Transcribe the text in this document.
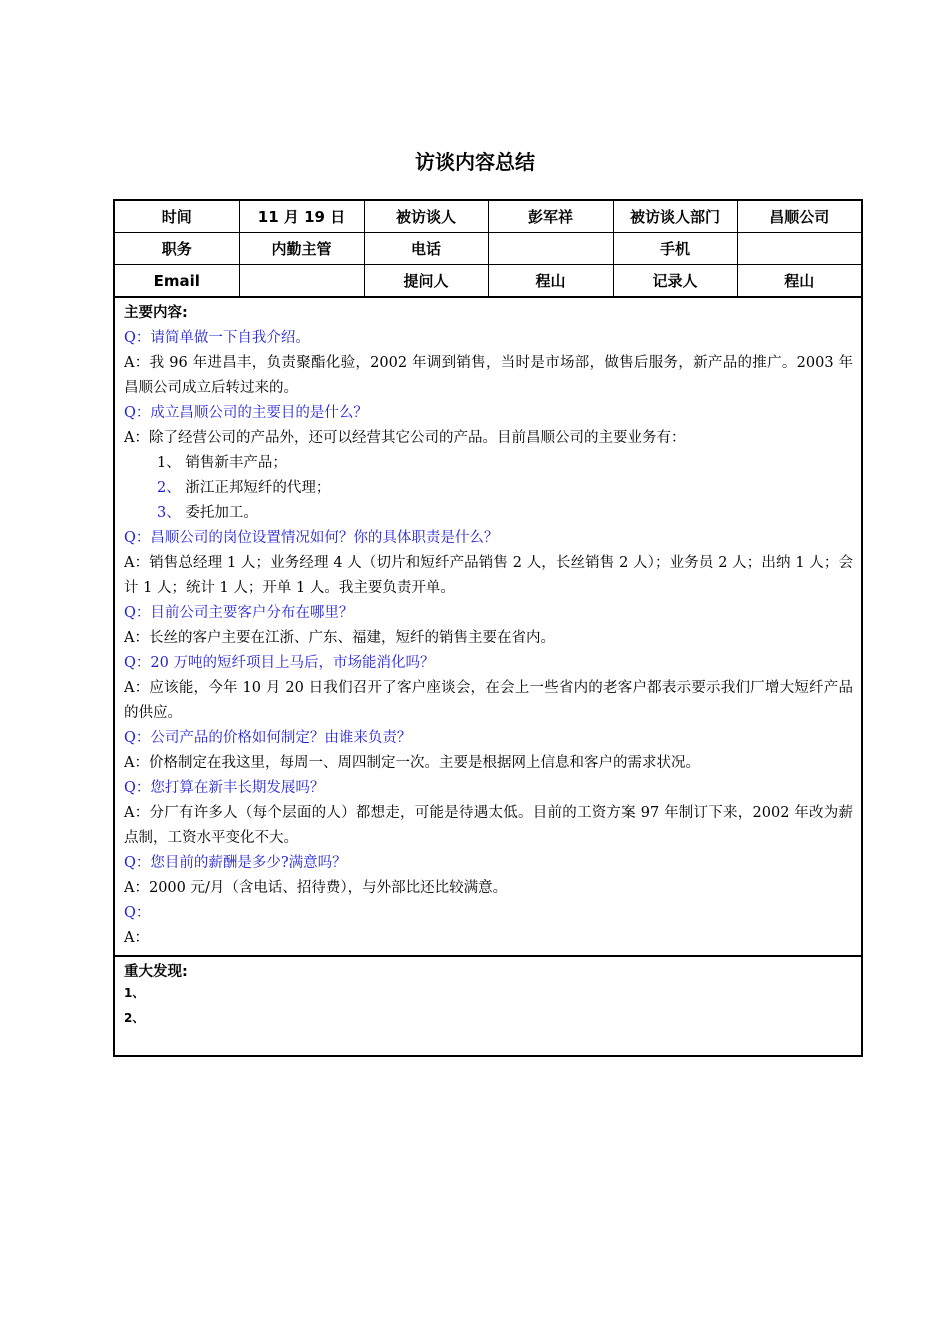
访谈内容总结
时间	11 月 19 日	被访谈人	彭军祥	被访谈人部门	昌顺公司
职务	内勤主管	电话		手机	
Email		提问人	程山	记录人	程山
主要内容:
Q：请简单做一下自我介绍。
A：我 96 年进昌丰，负责聚酯化验，2002 年调到销售，当时是市场部，做售后服务，新产品的推广。2003 年昌顺公司成立后转过来的。
Q：成立昌顺公司的主要目的是什么？
A：除了经营公司的产品外，还可以经营其它公司的产品。目前昌顺公司的主要业务有：
1、 销售新丰产品；
2、 浙江正邦短纤的代理；
3、 委托加工。
Q：昌顺公司的岗位设置情况如何？你的具体职责是什么？
A：销售总经理 1 人；业务经理 4 人（切片和短纤产品销售 2 人，长丝销售 2 人）；业务员 2 人；出纳 1 人；会计 1 人；统计 1 人；开单 1 人。我主要负责开单。
Q：目前公司主要客户分布在哪里？
A：长丝的客户主要在江浙、广东、福建，短纤的销售主要在省内。
Q：20 万吨的短纤项目上马后，市场能消化吗？
A：应该能，今年 10 月 20 日我们召开了客户座谈会，在会上一些省内的老客户都表示要示我们厂增大短纤产品的供应。
Q：公司产品的价格如何制定？由谁来负责？
A：价格制定在我这里，每周一、周四制定一次。主要是根据网上信息和客户的需求状况。
Q：您打算在新丰长期发展吗？
A：分厂有许多人（每个层面的人）都想走，可能是待遇太低。目前的工资方案 97 年制订下来，2002 年改为薪点制，工资水平变化不大。
Q：您目前的薪酬是多少?满意吗？
A：2000 元/月（含电话、招待费），与外部比还比较满意。
Q：
A：
重大发现:
1、
2、
